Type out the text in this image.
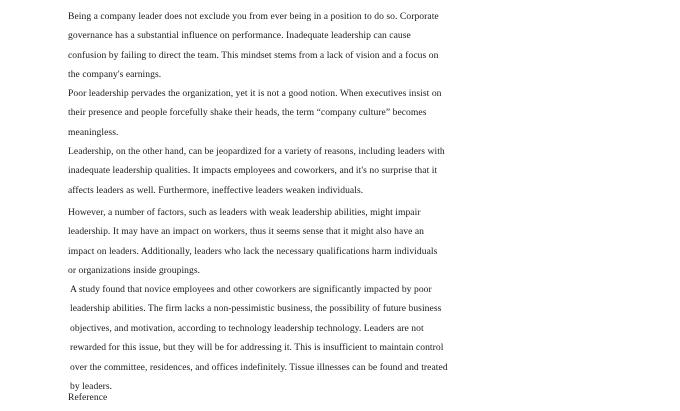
Being a company leader does not exclude you from ever being in a position to do so. Corporate
governance has a substantial influence on performance. Inadequate leadership can cause
confusion by failing to direct the team. This mindset stems from a lack of vision and a focus on
the company's earnings.

Poor leadership pervades the organization, yet it is not a good notion. When executives insist on
their presence and people forcefully shake their heads, the term “company culture” becomes
meaningless.

Leadership, on the other hand, can be jeopardized for a variety of reasons, including leaders with
inadequate leadership qualities. It impacts employees and coworkers, and it's no surprise that it
affects leaders as well. Furthermore, ineffective leaders weaken individuals.

However, a number of factors, such as leaders with weak leadership abilities, might impair
leadership. It may have an impact on workers, thus it seems sense that it might also have an
impact on leaders. Additionally, leaders who lack the necessary qualifications harm individuals
or organizations inside groupings.

A study found that novice employees and other coworkers are significantly impacted by poor
leadership abilities. The firm lacks a non-pessimistic business, the possibility of future business
objectives, and motivation, according to technology leadership technology. Leaders are not
rewarded for this issue, but they will be for addressing it. This is insufficient to maintain control
over the committee, residences, and offices indefinitely. Tissue illnesses can be found and treated
by leaders.

Reference
